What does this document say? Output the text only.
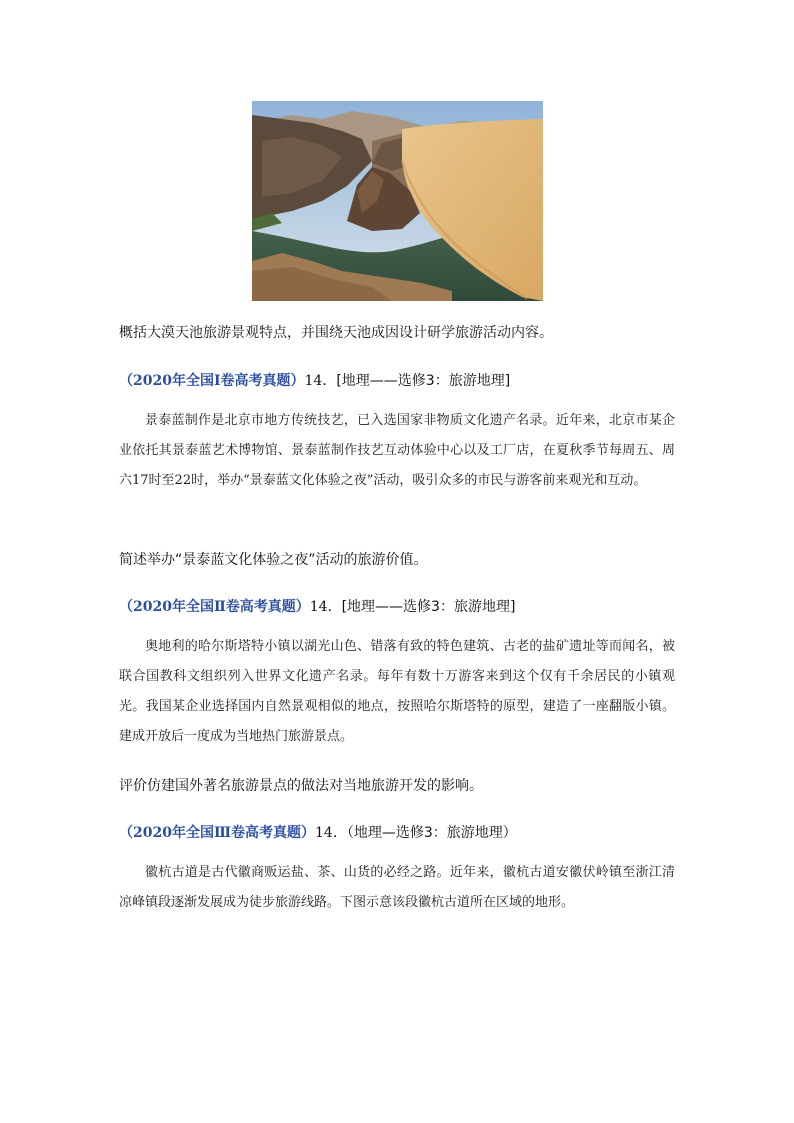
概括大漠天池旅游景观特点，并围绕天池成因设计研学旅游活动内容。
（2020年全国Ⅰ卷高考真题）14．[地理——选修3：旅游地理]
景泰蓝制作是北京市地方传统技艺，已入选国家非物质文化遗产名录。近年来，北京市某企业依托其景泰蓝艺术博物馆、景泰蓝制作技艺互动体验中心以及工厂店，在夏秋季节每周五、周六17时至22时，举办“景泰蓝文化体验之夜”活动，吸引众多的市民与游客前来观光和互动。
简述举办“景泰蓝文化体验之夜”活动的旅游价值。
（2020年全国Ⅱ卷高考真题）14．[地理——选修3：旅游地理]
奥地利的哈尔斯塔特小镇以湖光山色、错落有致的特色建筑、古老的盐矿遗址等而闻名，被联合国教科文组织列入世界文化遗产名录。每年有数十万游客来到这个仅有千余居民的小镇观光。我国某企业选择国内自然景观相似的地点，按照哈尔斯塔特的原型，建造了一座翻版小镇。建成开放后一度成为当地热门旅游景点。
评价仿建国外著名旅游景点的做法对当地旅游开发的影响。
（2020年全国Ⅲ卷高考真题）14．（地理—选修3：旅游地理）
徽杭古道是古代徽商贩运盐、茶、山货的必经之路。近年来，徽杭古道安徽伏岭镇至浙江清凉峰镇段逐渐发展成为徒步旅游线路。下图示意该段徽杭古道所在区域的地形。
